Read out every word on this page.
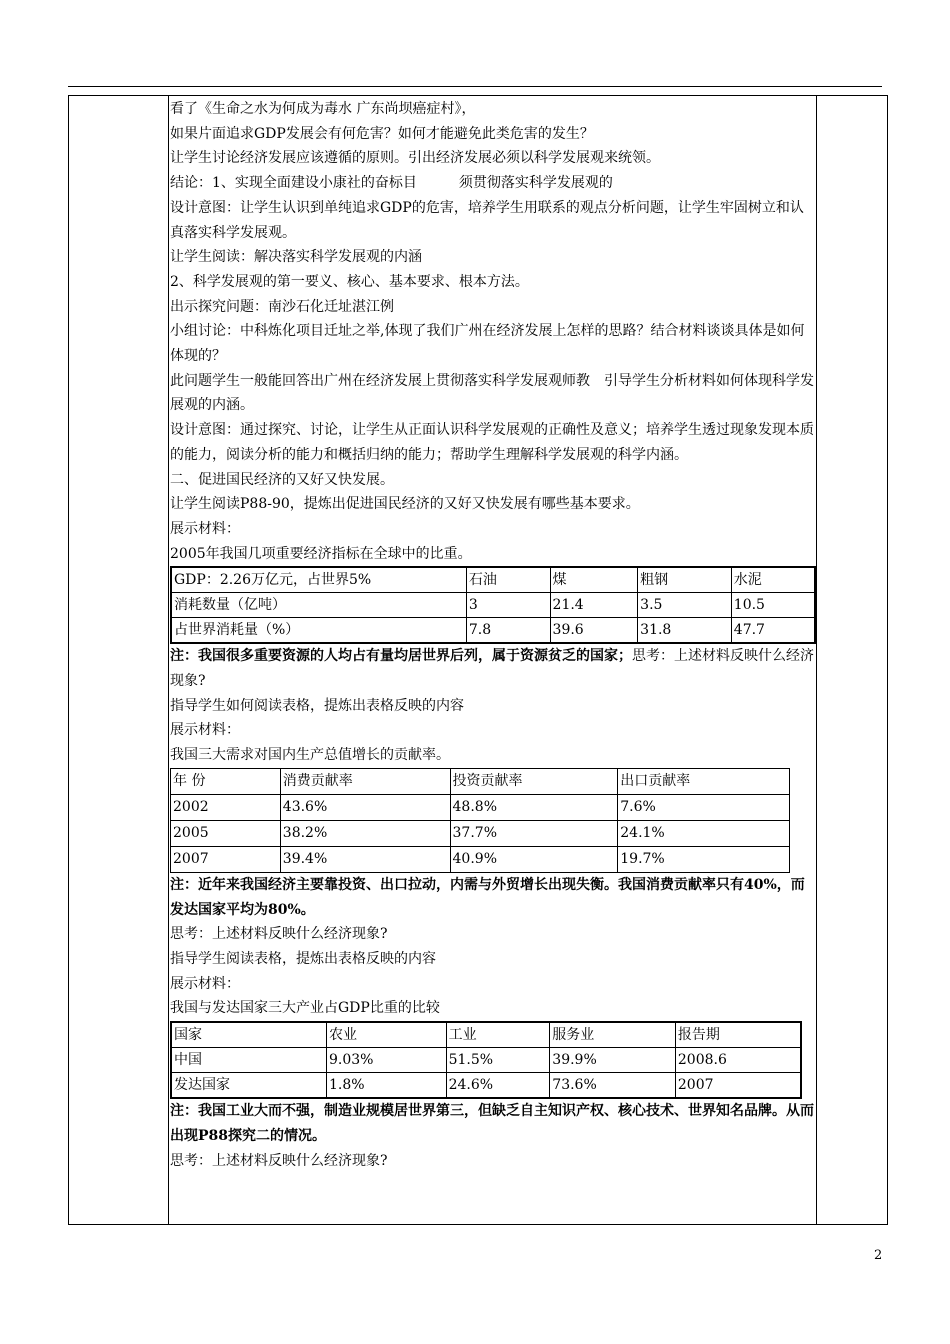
看了《生命之水为何成为毒水 广东尚坝癌症村》，

如果片面追求GDP发展会有何危害？如何才能避免此类危害的发生？

让学生讨论经济发展应该遵循的原则。引出经济发展必须以科学发展观来统领。

结论：1、实现全面建设小康社的奋标目　　　须贯彻落实科学发展观的

设计意图：让学生认识到单纯追求GDP的危害，培养学生用联系的观点分析问题，让学生牢固树立和认真落实科学发展观。

让学生阅读：解决落实科学发展观的内涵

2、科学发展观的第一要义、核心、基本要求、根本方法。

出示探究问题：南沙石化迁址湛江例

小组讨论：中科炼化项目迁址之举,体现了我们广州在经济发展上怎样的思路？结合材料谈谈具体是如何体现的？

此问题学生一般能回答出广州在经济发展上贯彻落实科学发展观师教　引导学生分析材料如何体现科学发展观的内涵。

设计意图：通过探究、讨论，让学生从正面认识科学发展观的正确性及意义；培养学生透过现象发现本质的能力，阅读分析的能力和概括归纳的能力；帮助学生理解科学发展观的科学内涵。

二、促进国民经济的又好又快发展。

让学生阅读P88-90，提炼出促进国民经济的又好又快发展有哪些基本要求。

展示材料：

2005年我国几项重要经济指标在全球中的比重。

GDP：2.26万亿元，占世界5%	石油	煤	粗钢	水泥
消耗数量（亿吨）	3	21.4	3.5	10.5
占世界消耗量（%）	7.8	39.6	31.8	47.7

注：我国很多重要资源的人均占有量均居世界后列，属于资源贫乏的国家；思考：上述材料反映什么经济现象?

指导学生如何阅读表格，提炼出表格反映的内容

展示材料：

我国三大需求对国内生产总值增长的贡献率。

年 份	消费贡献率	投资贡献率	出口贡献率
2002	43.6%	48.8%	7.6%
2005	38.2%	37.7%	24.1%
2007	39.4%	40.9%	19.7%

注：近年来我国经济主要靠投资、出口拉动，内需与外贸增长出现失衡。我国消费贡献率只有40%，而发达国家平均为80%。

思考：上述材料反映什么经济现象?

指导学生阅读表格，提炼出表格反映的内容

展示材料：

我国与发达国家三大产业占GDP比重的比较

国家	农业	工业	服务业	报告期
中国	9.03%	51.5%	39.9%	2008.6
发达国家	1.8%	24.6%	73.6%	2007

注：我国工业大而不强，制造业规模居世界第三，但缺乏自主知识产权、核心技术、世界知名品牌。从而出现P88探究二的情况。

思考：上述材料反映什么经济现象?

2
